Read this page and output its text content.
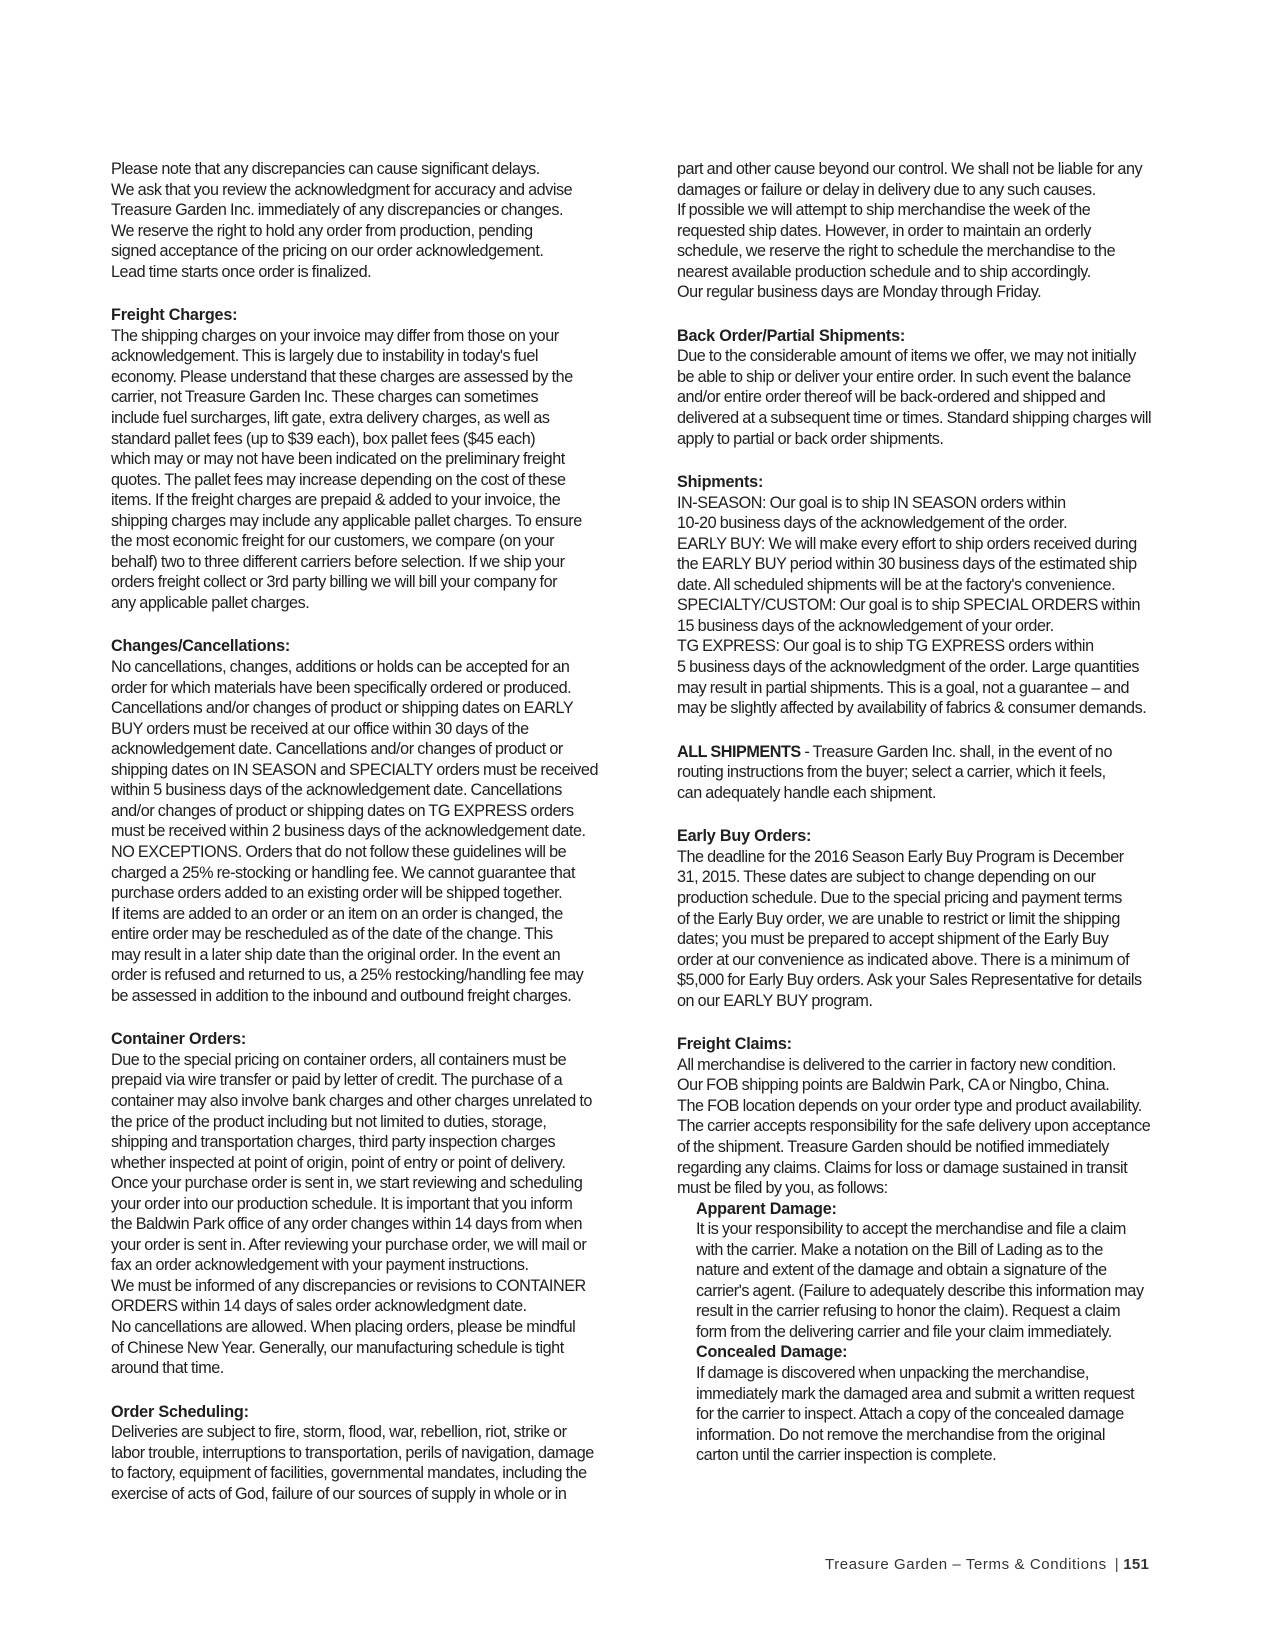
Please note that any discrepancies can cause significant delays.
We ask that you review the acknowledgment for accuracy and advise
Treasure Garden Inc. immediately of any discrepancies or changes.
We reserve the right to hold any order from production, pending
signed acceptance of the pricing on our order acknowledgement.
Lead time starts once order is finalized.

Freight Charges:

The shipping charges on your invoice may differ from those on your
acknowledgement. This is largely due to instability in today's fuel
economy. Please understand that these charges are assessed by the
carrier, not Treasure Garden Inc. These charges can sometimes
include fuel surcharges, lift gate, extra delivery charges, as well as
standard pallet fees (up to $39 each), box pallet fees ($45 each)
which may or may not have been indicated on the preliminary freight
quotes. The pallet fees may increase depending on the cost of these
items. If the freight charges are prepaid & added to your invoice, the
shipping charges may include any applicable pallet charges. To ensure
the most economic freight for our customers, we compare (on your
behalf) two to three different carriers before selection. If we ship your
orders freight collect or 3rd party billing we will bill your company for
any applicable pallet charges.

Changes/Cancellations:

No cancellations, changes, additions or holds can be accepted for an
order for which materials have been specifically ordered or produced.
Cancellations and/or changes of product or shipping dates on EARLY
BUY orders must be received at our office within 30 days of the
acknowledgement date. Cancellations and/or changes of product or
shipping dates on IN SEASON and SPECIALTY orders must be received
within 5 business days of the acknowledgement date. Cancellations
and/or changes of product or shipping dates on TG EXPRESS orders
must be received within 2 business days of the acknowledgement date.
NO EXCEPTIONS. Orders that do not follow these guidelines will be
charged a 25% re-stocking or handling fee. We cannot guarantee that
purchase orders added to an existing order will be shipped together.
If items are added to an order or an item on an order is changed, the
entire order may be rescheduled as of the date of the change. This
may result in a later ship date than the original order. In the event an
order is refused and returned to us, a 25% restocking/handling fee may
be assessed in addition to the inbound and outbound freight charges.

Container Orders:

Due to the special pricing on container orders, all containers must be
prepaid via wire transfer or paid by letter of credit. The purchase of a
container may also involve bank charges and other charges unrelated to
the price of the product including but not limited to duties, storage,
shipping and transportation charges, third party inspection charges
whether inspected at point of origin, point of entry or point of delivery.
Once your purchase order is sent in, we start reviewing and scheduling
your order into our production schedule. It is important that you inform
the Baldwin Park office of any order changes within 14 days from when
your order is sent in. After reviewing your purchase order, we will mail or
fax an order acknowledgement with your payment instructions.
We must be informed of any discrepancies or revisions to CONTAINER
ORDERS within 14 days of sales order acknowledgment date.
No cancellations are allowed. When placing orders, please be mindful
of Chinese New Year. Generally, our manufacturing schedule is tight
around that time.

Order Scheduling:

Deliveries are subject to fire, storm, flood, war, rebellion, riot, strike or
labor trouble, interruptions to transportation, perils of navigation, damage
to factory, equipment of facilities, governmental mandates, including the
exercise of acts of God, failure of our sources of supply in whole or in

part and other cause beyond our control. We shall not be liable for any
damages or failure or delay in delivery due to any such causes.
If possible we will attempt to ship merchandise the week of the
requested ship dates. However, in order to maintain an orderly
schedule, we reserve the right to schedule the merchandise to the
nearest available production schedule and to ship accordingly.
Our regular business days are Monday through Friday.

Back Order/Partial Shipments:

Due to the considerable amount of items we offer, we may not initially
be able to ship or deliver your entire order. In such event the balance
and/or entire order thereof will be back-ordered and shipped and
delivered at a subsequent time or times. Standard shipping charges will
apply to partial or back order shipments.

Shipments:

IN-SEASON: Our goal is to ship IN SEASON orders within
10-20 business days of the acknowledgement of the order.
EARLY BUY: We will make every effort to ship orders received during
the EARLY BUY period within 30 business days of the estimated ship
date. All scheduled shipments will be at the factory's convenience.
SPECIALTY/CUSTOM: Our goal is to ship SPECIAL ORDERS within
15 business days of the acknowledgement of your order.
TG EXPRESS: Our goal is to ship TG EXPRESS orders within
5 business days of the acknowledgment of the order. Large quantities
may result in partial shipments. This is a goal, not a guarantee – and
may be slightly affected by availability of fabrics & consumer demands.

ALL SHIPMENTS - Treasure Garden Inc. shall, in the event of no
routing instructions from the buyer; select a carrier, which it feels,
can adequately handle each shipment.

Early Buy Orders:

The deadline for the 2016 Season Early Buy Program is December
31, 2015. These dates are subject to change depending on our
production schedule. Due to the special pricing and payment terms
of the Early Buy order, we are unable to restrict or limit the shipping
dates; you must be prepared to accept shipment of the Early Buy
order at our convenience as indicated above. There is a minimum of
$5,000 for Early Buy orders. Ask your Sales Representative for details
on our EARLY BUY program.

Freight Claims:

All merchandise is delivered to the carrier in factory new condition.
Our FOB shipping points are Baldwin Park, CA or Ningbo, China.
The FOB location depends on your order type and product availability.
The carrier accepts responsibility for the safe delivery upon acceptance
of the shipment. Treasure Garden should be notified immediately
regarding any claims. Claims for loss or damage sustained in transit
must be filed by you, as follows:

Apparent Damage:

It is your responsibility to accept the merchandise and file a claim
with the carrier. Make a notation on the Bill of Lading as to the
nature and extent of the damage and obtain a signature of the
carrier's agent. (Failure to adequately describe this information may
result in the carrier refusing to honor the claim). Request a claim
form from the delivering carrier and file your claim immediately.

Concealed Damage:

If damage is discovered when unpacking the merchandise,
immediately mark the damaged area and submit a written request
for the carrier to inspect. Attach a copy of the concealed damage
information. Do not remove the merchandise from the original
carton until the carrier inspection is complete.

Treasure Garden – Terms & Conditions | 151
